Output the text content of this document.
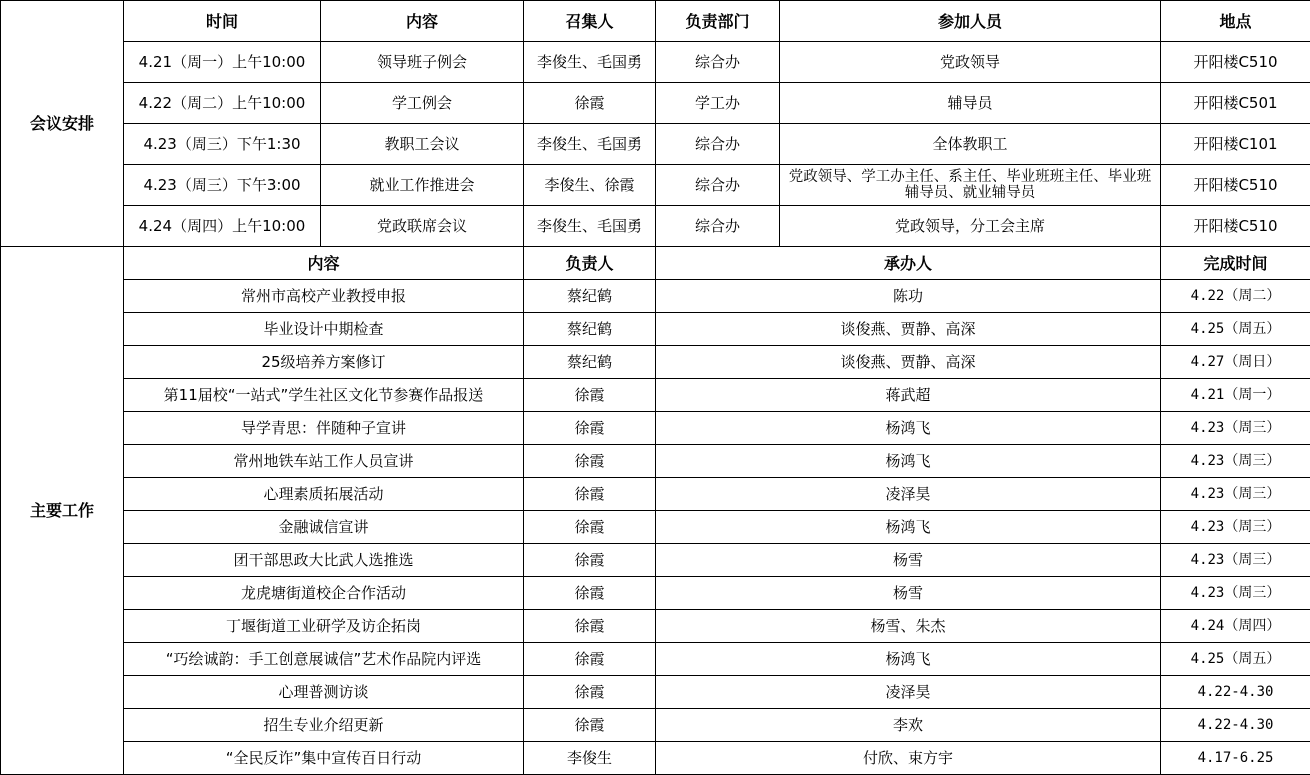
会议安排	时间	内容	召集人	负责部门	参加人员	地点
	4.21（周一）上午10:00	领导班子例会	李俊生、毛国勇	综合办	党政领导	开阳楼C510
	4.22（周二）上午10:00	学工例会	徐霞	学工办	辅导员	开阳楼C501
	4.23（周三）下午1:30	教职工会议	李俊生、毛国勇	综合办	全体教职工	开阳楼C101
	4.23（周三）下午3:00	就业工作推进会	李俊生、徐霞	综合办	党政领导、学工办主任、系主任、毕业班班主任、毕业班辅导员、就业辅导员	开阳楼C510
	4.24（周四）上午10:00	党政联席会议	李俊生、毛国勇	综合办	党政领导，分工会主席	开阳楼C510
主要工作	内容		负责人	承办人		完成时间
	常州市高校产业教授申报		蔡纪鹤	陈功		4.22（周二）
	毕业设计中期检查		蔡纪鹤	谈俊燕、贾静、高深		4.25（周五）
	25级培养方案修订		蔡纪鹤	谈俊燕、贾静、高深		4.27（周日）
	第11届校“一站式”学生社区文化节参赛作品报送		徐霞	蒋武超		4.21（周一）
	导学青思：伴随种子宣讲		徐霞	杨鸿飞		4.23（周三）
	常州地铁车站工作人员宣讲		徐霞	杨鸿飞		4.23（周三）
	心理素质拓展活动		徐霞	凌泽昊		4.23（周三）
	金融诚信宣讲		徐霞	杨鸿飞		4.23（周三）
	团干部思政大比武人选推选		徐霞	杨雪		4.23（周三）
	龙虎塘街道校企合作活动		徐霞	杨雪		4.23（周三）
	丁堰街道工业研学及访企拓岗		徐霞	杨雪、朱杰		4.24（周四）
	“巧绘诚韵：手工创意展诚信”艺术作品院内评选		徐霞	杨鸿飞		4.25（周五）
	心理普测访谈		徐霞	凌泽昊		4.22-4.30
	招生专业介绍更新		徐霞	李欢		4.22-4.30
	“全民反诈”集中宣传百日行动		李俊生	付欣、束方宇		4.17-6.25
